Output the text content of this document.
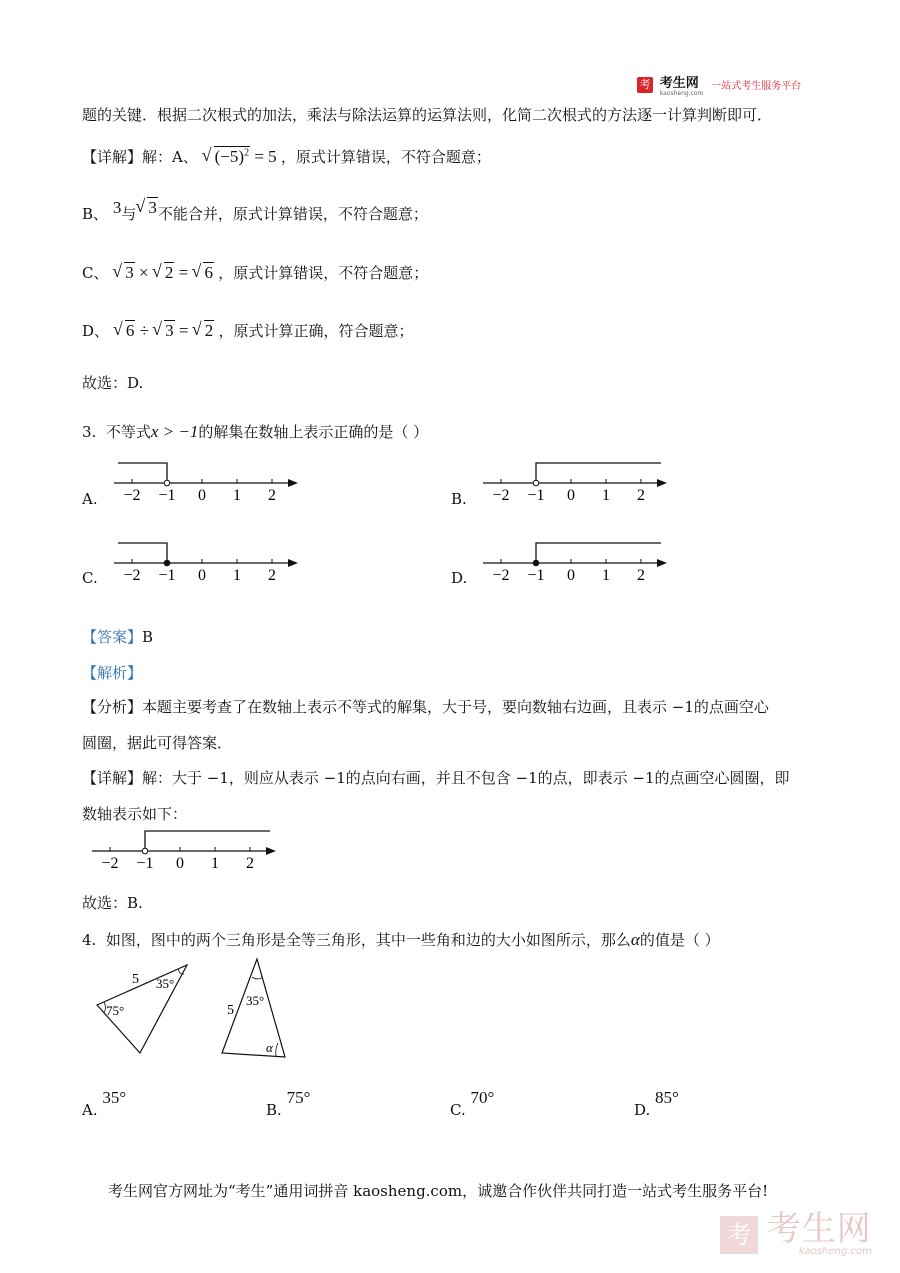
考 考生网
kaosheng.com
一站式考生服务平台
题的关键．根据二次根式的加法，乘法与除法运算的运算法则，化简二次根式的方法逐一计算判断即可．
【详解】解：A、 √ $(-5)^2 = 5$ ，原式计算错误，不符合题意；
B、 3与 √ 3不能合并，原式计算错误，不符合题意；
C、 √ 3 × √ 2 = √ 6 ，原式计算错误，不符合题意；
D、 √ 6 ÷ √ 3 = √ 2 ，原式计算正确，符合题意；
故选：D.
3. 不等式x > −1的解集在数轴上表示正确的是（ ）
A.	B.
C.	D.
−2 −1 0 1 2	−2 −1 0 1 2
−2 −1 0 1 2	−2 −1 0 1 2
【答案】B
【解析】
【分析】本题主要考查了在数轴上表示不等式的解集，大于号，要向数轴右边画，且表示 −1的点画空心
圆圈，据此可得答案．
【详解】解：大于 −1，则应从表示 −1的点向右画，并且不包含 −1的点，即表示 −1的点画空心圆圈，即
数轴表示如下：
−2 −1 0 1 2
故选：B.
4. 如图，图中的两个三角形是全等三角形，其中一些角和边的大小如图所示，那么α的值是（ ）
5 35°
75°	5
35°
α
A. 35°
B. 75°
C. 70°
D. 85°
考生网官方网址为“考生”通用词拼音 kaosheng.com，诚邀合作伙伴共同打造一站式考生服务平台!
考 考生网
kaosheng.com
